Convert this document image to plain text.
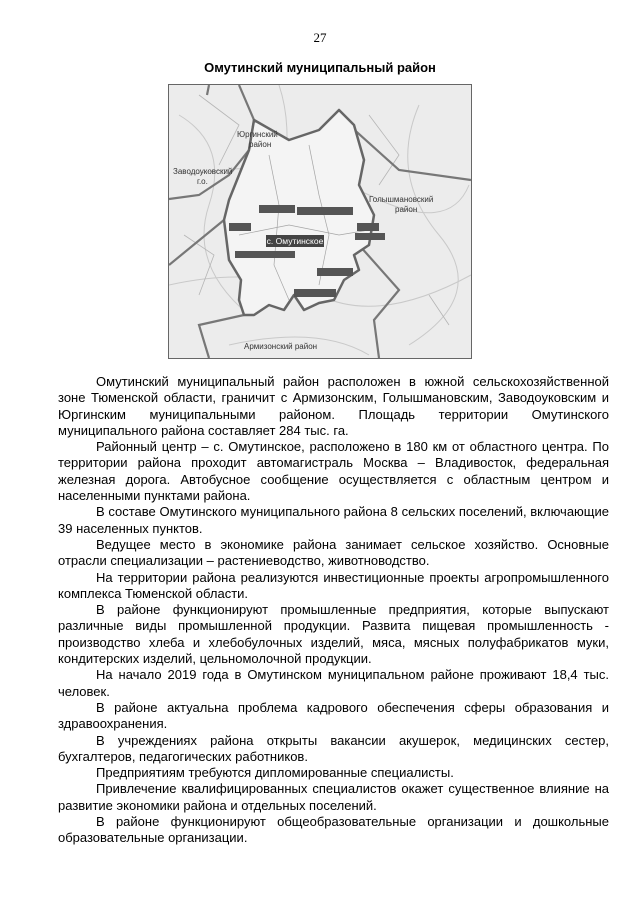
27
Омутинский муниципальный район
с. Омутинское
Юргинский
район
Заводоуковский
г.о.
Голышмановский
район
Армизонский район

Омутинский муниципальный район расположен в южной сельскохозяйственной зоне Тюменской области, граничит с Армизонским, Голышмановским, Заводоуковским и Юргинским муниципальными районом. Площадь территории Омутинского муниципального района составляет 284 тыс. га.

Районный центр – с. Омутинское, расположено в 180 км от областного центра. По территории района проходит автомагистраль Москва – Владивосток, федеральная железная дорога. Автобусное сообщение осуществляется с областным центром и населенными пунктами района.

В составе Омутинского муниципального района 8 сельских поселений, включающие 39 населенных пунктов.

Ведущее место в экономике района занимает сельское хозяйство. Основные отрасли специализации – растениеводство, животноводство.

На территории района реализуются инвестиционные проекты агропромышленного комплекса Тюменской области.

В районе функционируют промышленные предприятия, которые выпускают различные виды промышленной продукции. Развита пищевая промышленность - производство хлеба и хлебобулочных изделий, мяса, мясных полуфабрикатов муки, кондитерских изделий, цельномолочной продукции.

На начало 2019 года в Омутинском муниципальном районе проживают 18,4 тыс. человек.

В районе актуальна проблема кадрового обеспечения сферы образования и здравоохранения.

В учреждениях района открыты вакансии акушерок, медицинских сестер, бухгалтеров, педагогических работников.

Предприятиям требуются дипломированные специалисты.

Привлечение квалифицированных специалистов окажет существенное влияние на развитие экономики района и отдельных поселений.

В районе функционируют общеобразовательные организации и дошкольные образовательные организации.
